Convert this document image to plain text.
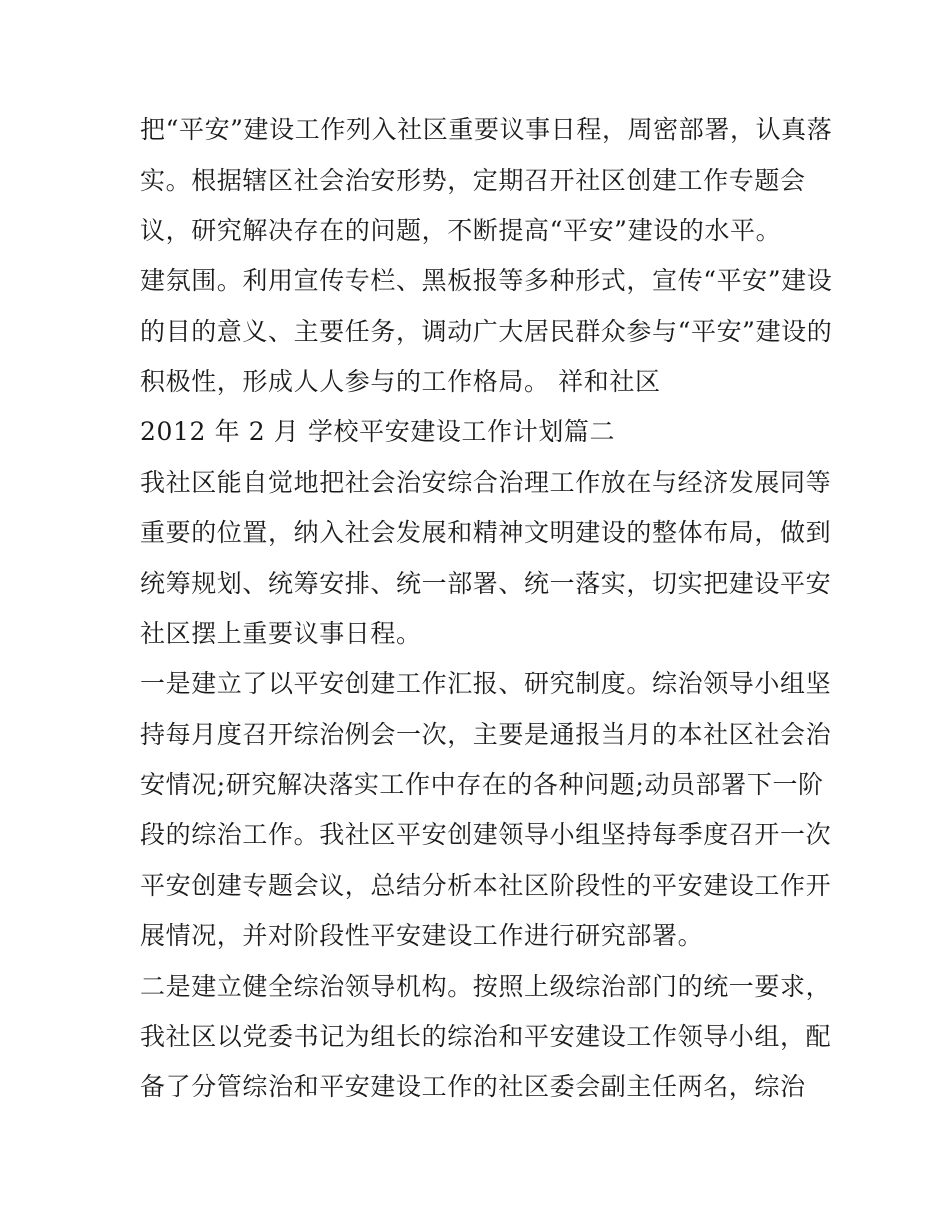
把“平安”建设工作列入社区重要议事日程，周密部署，认真落
实。根据辖区社会治安形势，定期召开社区创建工作专题会
议，研究解决存在的问题，不断提高“平安”建设的水平。
建氛围。利用宣传专栏、黑板报等多种形式，宣传“平安”建设
的目的意义、主要任务，调动广大居民群众参与“平安”建设的
积极性，形成人人参与的工作格局。 祥和社区
2012 年 2 月 学校平安建设工作计划篇二
我社区能自觉地把社会治安综合治理工作放在与经济发展同等
重要的位置，纳入社会发展和精神文明建设的整体布局，做到
统筹规划、统筹安排、统一部署、统一落实，切实把建设平安
社区摆上重要议事日程。
一是建立了以平安创建工作汇报、研究制度。综治领导小组坚
持每月度召开综治例会一次，主要是通报当月的本社区社会治
安情况;研究解决落实工作中存在的各种问题;动员部署下一阶
段的综治工作。我社区平安创建领导小组坚持每季度召开一次
平安创建专题会议，总结分析本社区阶段性的平安建设工作开
展情况，并对阶段性平安建设工作进行研究部署。
二是建立健全综治领导机构。按照上级综治部门的统一要求，
我社区以党委书记为组长的综治和平安建设工作领导小组，配
备了分管综治和平安建设工作的社区委会副主任两名，综治
